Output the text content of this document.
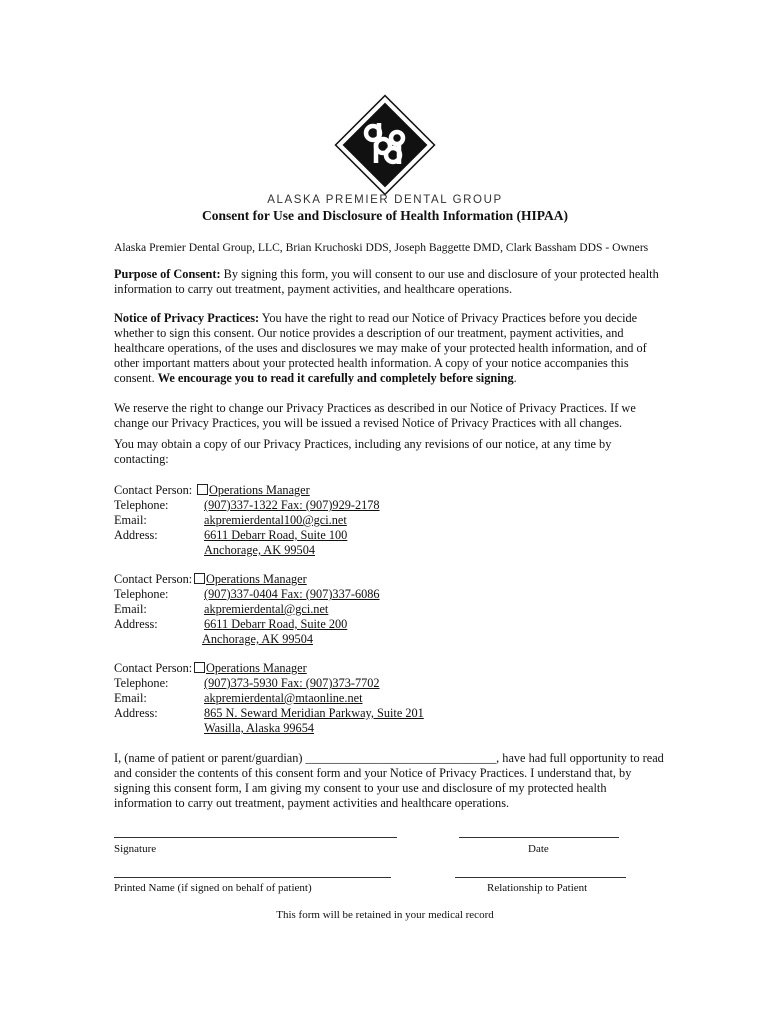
ALASKA PREMIER DENTAL GROUP
Consent for Use and Disclosure of Health Information (HIPAA)
Alaska Premier Dental Group, LLC, Brian Kruchoski DDS, Joseph Baggette DMD, Clark Bassham DDS - Owners
Purpose of Consent: By signing this form, you will consent to our use and disclosure of your protected health information to carry out treatment, payment activities, and healthcare operations.
Notice of Privacy Practices: You have the right to read our Notice of Privacy Practices before you decide whether to sign this consent. Our notice provides a description of our treatment, payment activities, and healthcare operations, of the uses and disclosures we may make of your protected health information, and of other important matters about your protected health information. A copy of your notice accompanies this consent. We encourage you to read it carefully and completely before signing.
We reserve the right to change our Privacy Practices as described in our Notice of Privacy Practices. If we change our Privacy Practices, you will be issued a revised Notice of Privacy Practices with all changes.
You may obtain a copy of our Privacy Practices, including any revisions of our notice, at any time by contacting:
Contact Person:
Telephone:
Email:
Address:
Operations Manager
(907)337-1322 Fax: (907)929-2178
akpremierdental100@gci.net
6611 Debarr Road, Suite 100
Anchorage, AK 99504
Contact Person:
Telephone:
Email:
Address:
Operations Manager
(907)337-0404 Fax: (907)337-6086
akpremierdental@gci.net
6611 Debarr Road, Suite 200
Anchorage, AK 99504
Contact Person:
Telephone:
Email:
Address:
Operations Manager
(907)373-5930 Fax: (907)373-7702
akpremierdental@mtaonline.net
865 N. Seward Meridian Parkway, Suite 201
Wasilla, Alaska 99654
I, (name of patient or parent/guardian) _______________________________, have had full opportunity to read and consider the contents of this consent form and your Notice of Privacy Practices. I understand that, by signing this consent form, I am giving my consent to your use and disclosure of my protected health information to carry out treatment, payment activities and healthcare operations.
Signature	Date
Printed Name (if signed on behalf of patient)	Relationship to Patient
This form will be retained in your medical record
